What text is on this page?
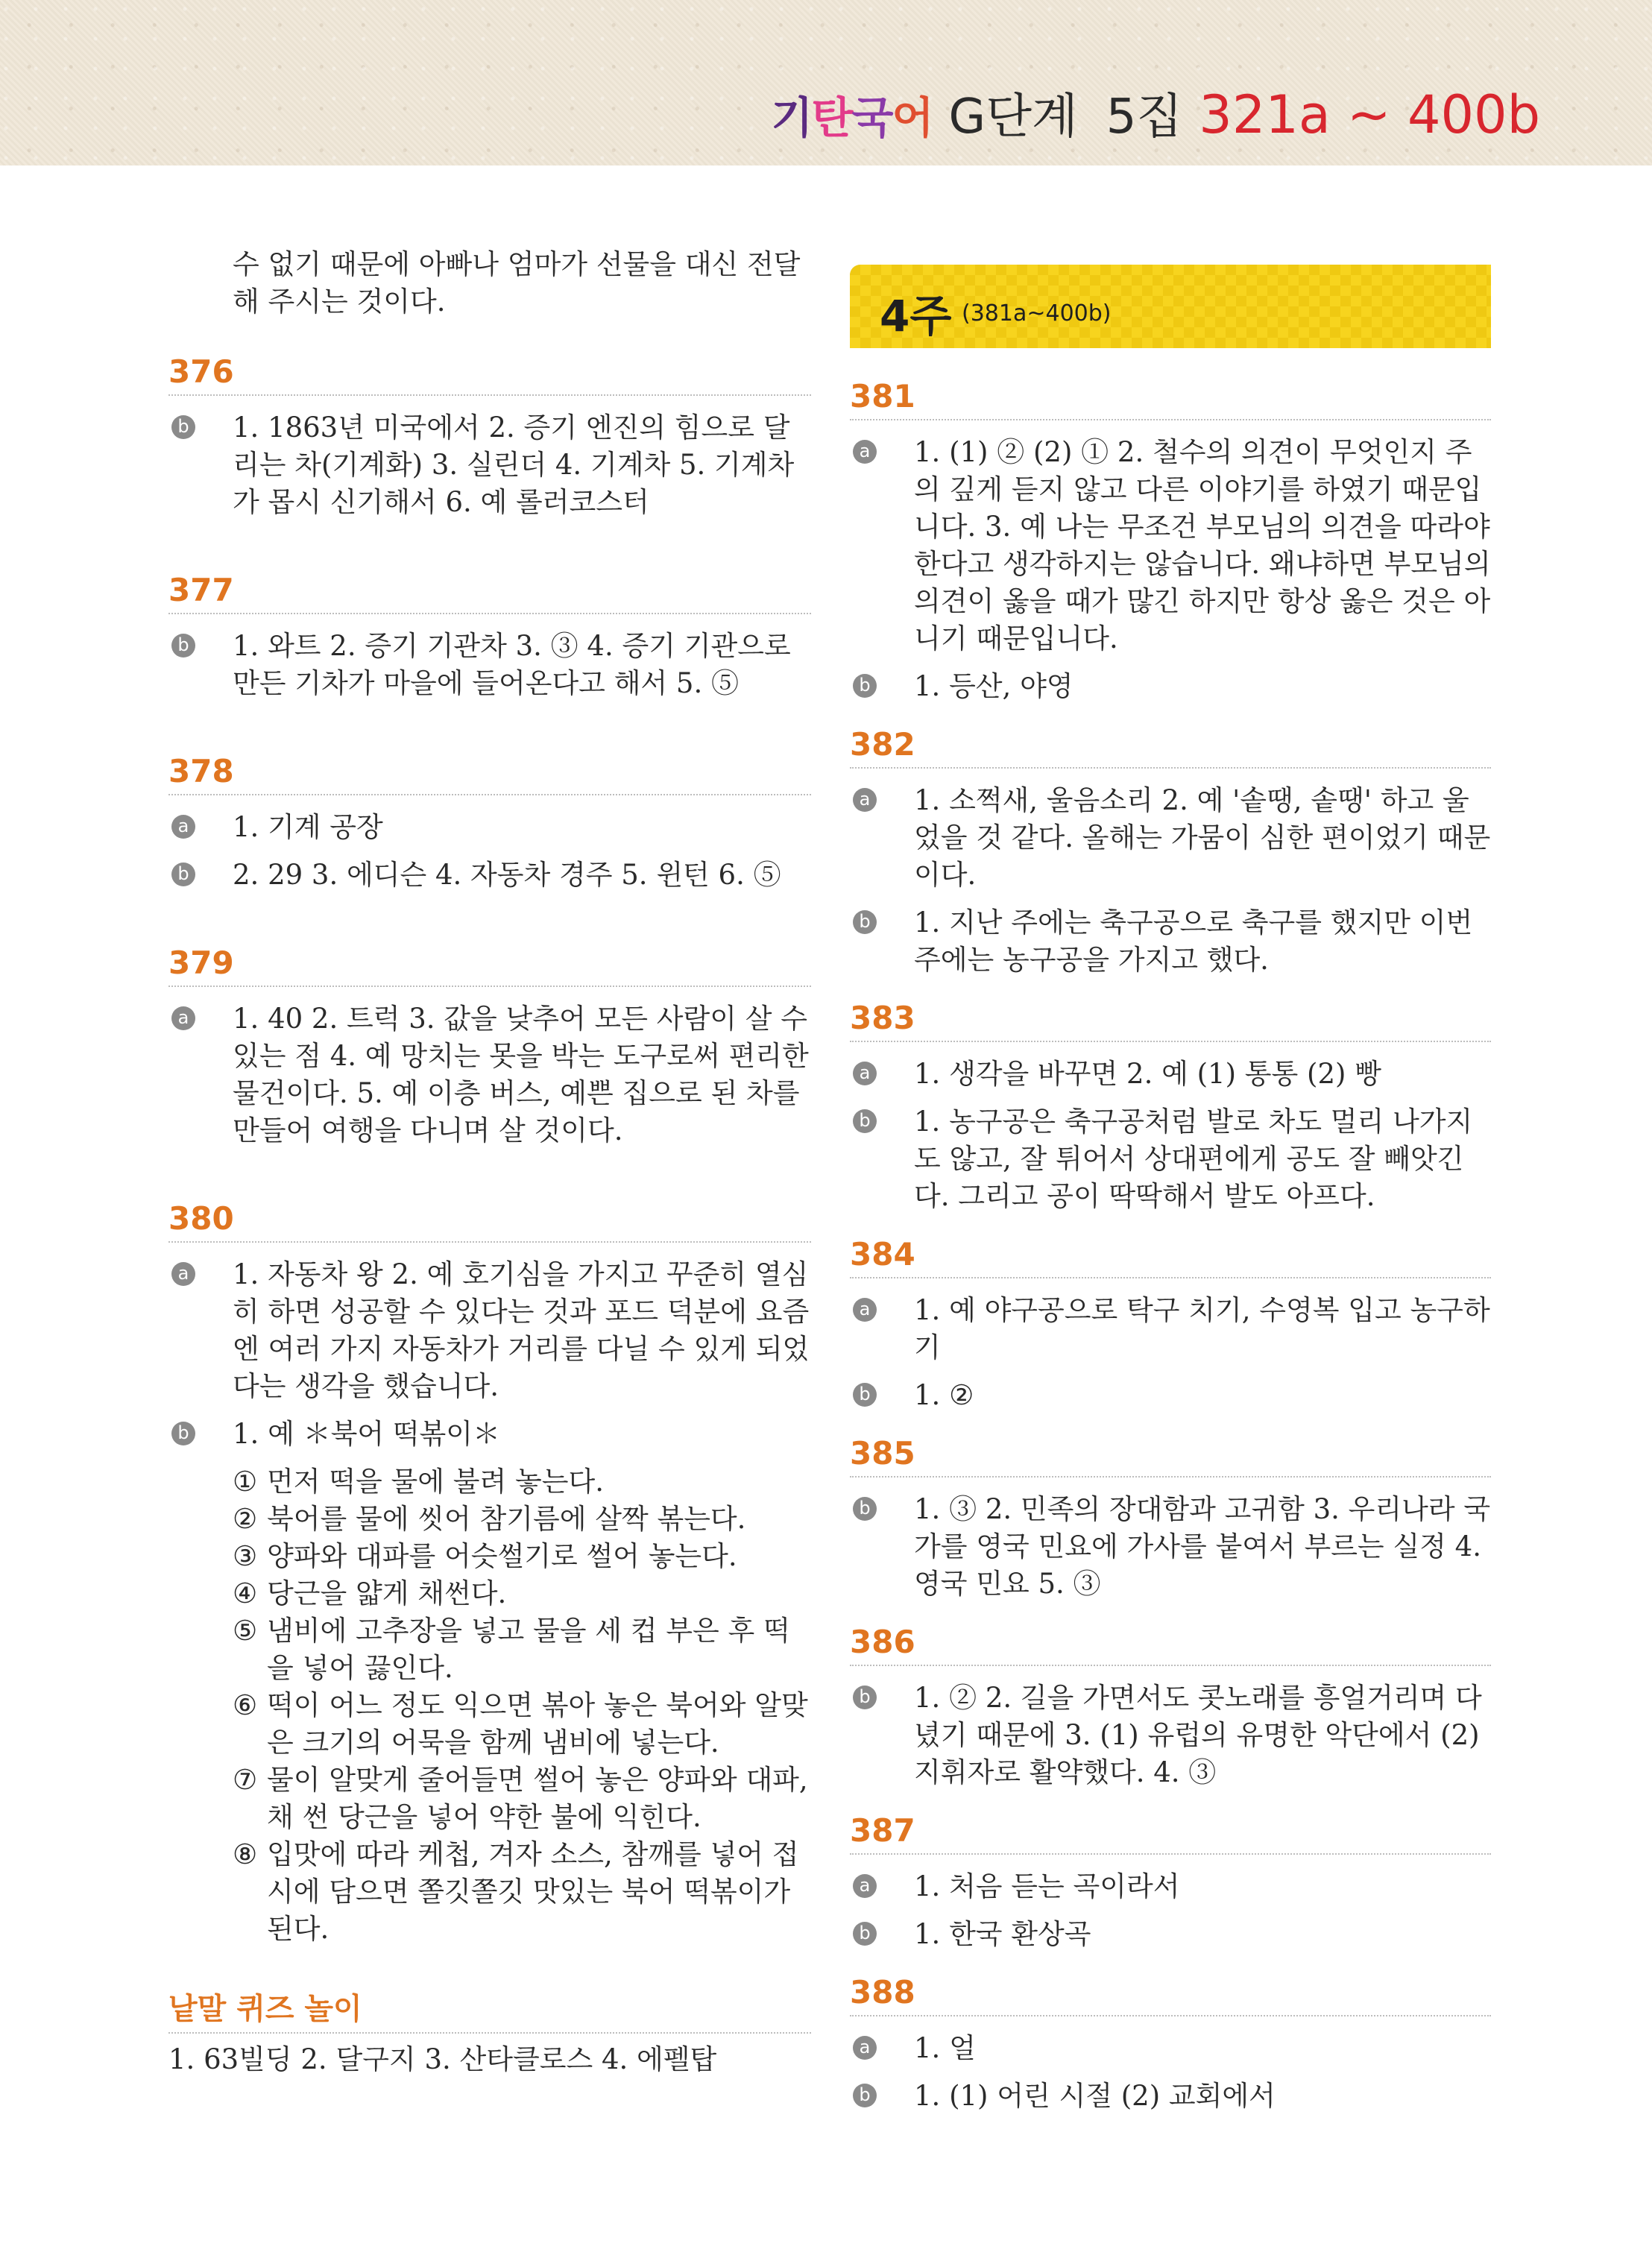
기탄국어 G단계 5집 321a ~ 400b
수 없기 때문에 아빠나 엄마가 선물을 대신 전달해 주시는 것이다.
376
b 1. 1863년 미국에서 2. 증기 엔진의 힘으로 달리는 차(기계화) 3. 실린더 4. 기계차 5. 기계차가 몹시 신기해서 6. 예 롤러코스터
377
b 1. 와트 2. 증기 기관차 3. ③ 4. 증기 기관으로 만든 기차가 마을에 들어온다고 해서 5. ⑤
378
a 1. 기계 공장
b 2. 29 3. 에디슨 4. 자동차 경주 5. 윈턴 6. ⑤
379
a 1. 40 2. 트럭 3. 값을 낮추어 모든 사람이 살 수 있는 점 4. 예 망치는 못을 박는 도구로써 편리한 물건이다. 5. 예 이층 버스, 예쁜 집으로 된 차를 만들어 여행을 다니며 살 것이다.
380
a 1. 자동차 왕 2. 예 호기심을 가지고 꾸준히 열심히 하면 성공할 수 있다는 것과 포드 덕분에 요즘엔 여러 가지 자동차가 거리를 다닐 수 있게 되었다는 생각을 했습니다.
b 1. 예 ＊북어 떡볶이＊
① 먼저 떡을 물에 불려 놓는다.
② 북어를 물에 씻어 참기름에 살짝 볶는다.
③ 양파와 대파를 어슷썰기로 썰어 놓는다.
④ 당근을 얇게 채썬다.
⑤ 냄비에 고추장을 넣고 물을 세 컵 부은 후 떡을 넣어 끓인다.
⑥ 떡이 어느 정도 익으면 볶아 놓은 북어와 알맞은 크기의 어묵을 함께 냄비에 넣는다.
⑦ 물이 알맞게 줄어들면 썰어 놓은 양파와 대파, 채 썬 당근을 넣어 약한 불에 익힌다.
⑧ 입맛에 따라 케첩, 겨자 소스, 참깨를 넣어 접시에 담으면 쫄깃쫄깃 맛있는 북어 떡볶이가 된다.
낱말 퀴즈 놀이
1. 63빌딩 2. 달구지 3. 산타클로스 4. 에펠탑
4주 (381a~400b)
381
a 1. (1) ② (2) ① 2. 철수의 의견이 무엇인지 주의 깊게 듣지 않고 다른 이야기를 하였기 때문입니다. 3. 예 나는 무조건 부모님의 의견을 따라야 한다고 생각하지는 않습니다. 왜냐하면 부모님의 의견이 옳을 때가 많긴 하지만 항상 옳은 것은 아니기 때문입니다.
b 1. 등산, 야영
382
a 1. 소쩍새, 울음소리 2. 예 '솥땡, 솥땡' 하고 울었을 것 같다. 올해는 가뭄이 심한 편이었기 때문이다.
b 1. 지난 주에는 축구공으로 축구를 했지만 이번 주에는 농구공을 가지고 했다.
383
a 1. 생각을 바꾸면 2. 예 (1) 통통 (2) 빵
b 1. 농구공은 축구공처럼 발로 차도 멀리 나가지도 않고, 잘 튀어서 상대편에게 공도 잘 빼앗긴다. 그리고 공이 딱딱해서 발도 아프다.
384
a 1. 예 야구공으로 탁구 치기, 수영복 입고 농구하기
b 1. ②
385
b 1. ③ 2. 민족의 장대함과 고귀함 3. 우리나라 국가를 영국 민요에 가사를 붙여서 부르는 실정 4. 영국 민요 5. ③
386
b 1. ② 2. 길을 가면서도 콧노래를 흥얼거리며 다녔기 때문에 3. (1) 유럽의 유명한 악단에서 (2) 지휘자로 활약했다. 4. ③
387
a 1. 처음 듣는 곡이라서
b 1. 한국 환상곡
388
a 1. 얼
b 1. (1) 어린 시절 (2) 교회에서
